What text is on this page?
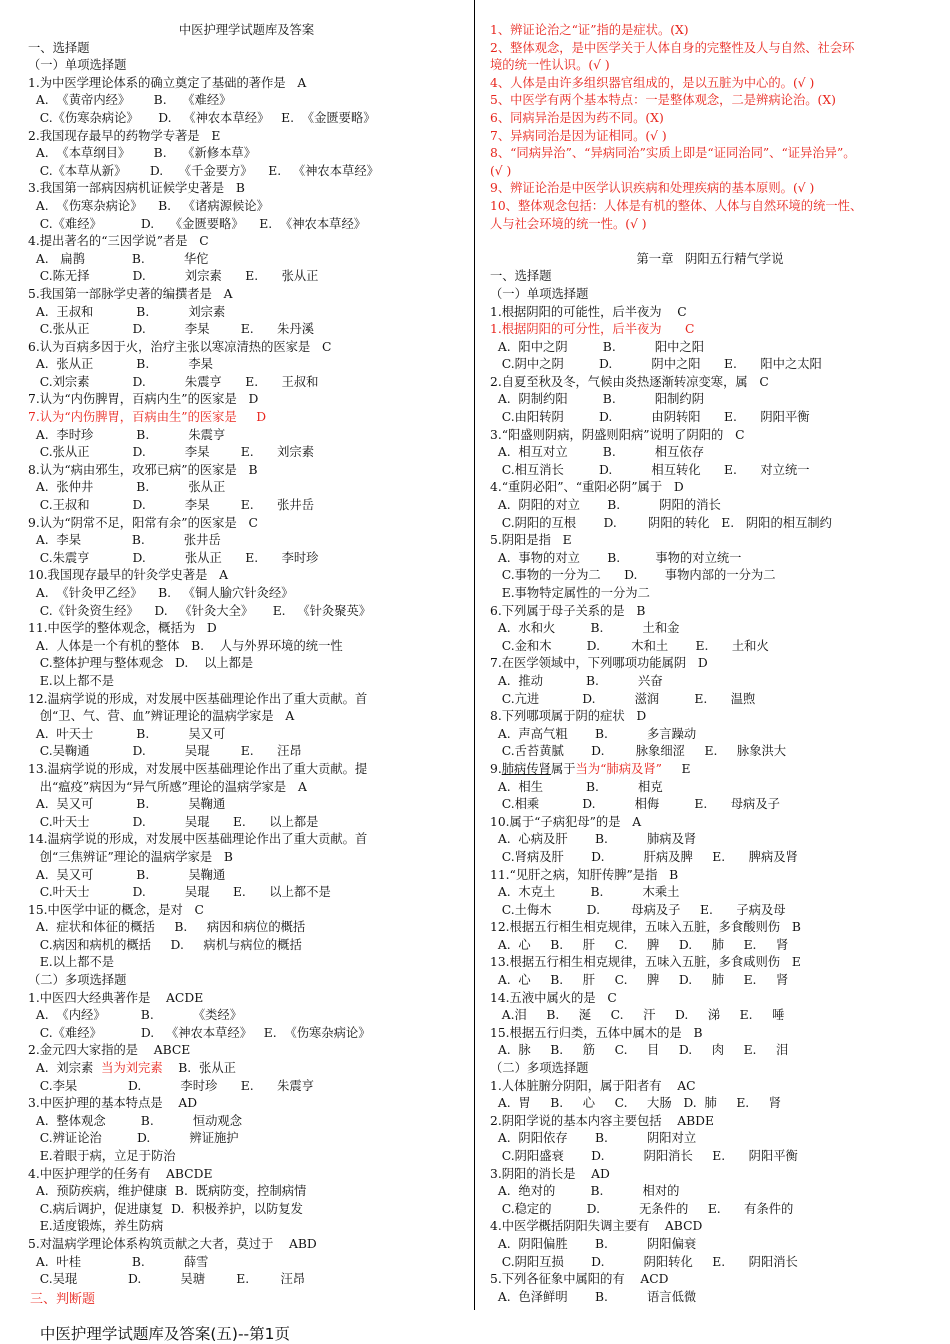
中医护理学试题库及答案
一、选择题
（一）单项选择题
1.为中医学理论体系的确立奠定了基础的著作是   A
A.  《黄帝内经》      B.    《难经》
C.《伤寒杂病论》     D.   《神农本草经》   E.  《金匮要略》
2.我国现存最早的药物学专著是   E
A.  《本草纲目》      B.    《新修本草》
C.《本草从新》      D.    《千金要方》    E.   《神农本草经》
3.我国第一部病因病机证候学史著是   B
A.  《伤寒杂病论》    B.   《诸病源候论》
C.《难经》          D.    《金匮要略》    E.  《神农本草经》
4.提出著名的“三因学说”者是   C
A.   扁鹊            B.          华佗
C.陈无择           D.          刘宗素      E.      张从正
5.我国第一部脉学史著的编撰者是   A
A.  王叔和           B.          刘宗素
C.张从正           D.          李杲        E.      朱丹溪
6.认为百病多因于火，治疗主张以寒凉清热的医家是   C
A.  张从正           B.          李杲
C.刘宗素           D.          朱震亨      E.      王叔和
7.认为“内伤脾胃，百病内生”的医家是   D
7.认为“内伤脾胃，百病由生”的医家是     D
A.  李时珍           B.          朱震亨
C.张从正           D.          李杲        E.      刘宗素
8.认为“病由邪生，攻邪已病”的医家是   B
A.  张仲井           B.          张从正
C.王叔和           D.          李杲        E.      张井岳
9.认为“阴常不足，阳常有余”的医家是   C
A.  李杲             B.          张井岳
C.朱震亨           D.          张从正      E.      李时珍
10.我国现存最早的针灸学史著是   A
A.  《针灸甲乙经》    B.   《铜人腧穴针灸经》
C.《针灸资生经》    D.   《针灸大全》     E.   《针灸聚英》
11.中医学的整体观念，概括为   D
A.  人体是一个有机的整体   B.    人与外界环境的统一性
C.整体护理与整体观念   D.    以上都是
E.以上都不是
12.温病学说的形成，对发展中医基础理论作出了重大贡献。首
创“卫、气、营、血”辨证理论的温病学家是   A
A.  叶天士           B.          吴又可
C.吴鞠通           D.          吴琨        E.      汪昂
13.温病学说的形成，对发展中医基础理论作出了重大贡献。提
出“瘟疫”病因为“异气所感”理论的温病学家是   A
A.  吴又可           B.          吴鞠通
C.叶天士           D.          吴琨      E.      以上都是
14.温病学说的形成，对发展中医基础理论作出了重大贡献。首
创“三焦辨证”理论的温病学家是   B
A.  吴又可           B.          吴鞠通
C.叶天士           D.          吴琨      E.      以上都不是
15.中医学中证的概念，是对   C
A.  症状和体征的概括     B.     病因和病位的概括
C.病因和病机的概括     D.     病机与病位的概括
E.以上都不是
（二）多项选择题
1.中医四大经典著作是    ACDE
A.  《内经》         B.          《类经》
C.《难经》          D.   《神农本草经》   E.  《伤寒杂病论》
2.金元四大家指的是    ABCE
A.  刘宗素  当为刘完素    B.  张从正
C.李杲             D.          李时珍      E.      朱震亨
3.中医护理的基本特点是    AD
A.  整体观念         B.          恒动观念
C.辨证论治         D.          辨证施护
E.着眼于病，立足于防治
4.中医护理学的任务有    ABCDE
A.  预防疾病，维护健康  B.  既病防变，控制病情
C.病后调护，促进康复  D.  积极养护，以防复发
E.适度锻炼，养生防病
5.对温病学理论体系构筑贡献之大者，莫过于    ABD
A.  叶桂             B.          薛雪
C.吴琨             D.          吴瑭        E.        汪昂
1、辨证论治之“证”指的是症状。(X)
2、整体观念，是中医学关于人体自身的完整性及人与自然、社会环
境的统一性认识。(√ )
4、人体是由许多组织器官组成的，是以五脏为中心的。(√ )
5、中医学有两个基本特点：一是整体观念，二是辨病论治。(X)
6、同病异治是因为药不同。(X)
7、异病同治是因为证相同。(√ )
8、“同病异治”、“异病同治”实质上即是“证同治同”、“证异治异”。
(√ )
9、辨证论治是中医学认识疾病和处理疾病的基本原则。(√ )
10、整体观念包括：人体是有机的整体、人体与自然环境的统一性、
人与社会环境的统一性。(√ )
第一章   阴阳五行精气学说
一、选择题
（一）单项选择题
1.根据阴阳的可能性，后半夜为    C
1.根据阴阳的可分性，后半夜为      C
A.  阳中之阴         B.          阳中之阳
C.阴中之阴         D.          阴中之阳      E.      阳中之太阳
2.自夏至秋及冬，气候由炎热逐渐转凉变寒，属   C
A.  阴制约阳         B.          阳制约阴
C.由阳转阴         D.          由阴转阳      E.      阴阳平衡
3.“阳盛则阴病，阴盛则阳病”说明了阴阳的   C
A.  相互对立         B.          相互依存
C.相互消长         D.          相互转化      E.      对立统一
4.“重阴必阳”、“重阳必阴”属于   D
A.  阴阳的对立       B.          阴阳的消长
C.阴阳的互根       D.        阴阳的转化   E.   阴阳的相互制约
5.阴阳是指   E
A.  事物的对立       B.         事物的对立统一
C.事物的一分为二      D.       事物内部的一分为二
E.事物特定属性的一分为二
6.下列属于母子关系的是   B
A.  水和火         B.          土和金
C.金和木         D.        木和土       E.      土和火
7.在医学领域中，下列哪项功能属阴   D
A.  推动           B.          兴奋
C.亢进           D.          滋润         E.      温煦
8.下列哪项属于阴的症状   D
A.  声高气粗       B.          多言躁动
C.舌苔黄腻       D.        脉象细涩     E.     脉象洪大
9.肺病传肾属于当为“肺病及肾”     E
A.  相生           B.          相克
C.相乘           D.          相侮         E.      母病及子
10.属于“子病犯母”的是   A
A.  心病及肝       B.          肺病及肾
C.肾病及肝       D.          肝病及脾     E.      脾病及肾
11.“见肝之病，知肝传脾”是指   B
A.  木克土         B.          木乘土
C.土侮木         D.        母病及子     E.      子病及母
12.根据五行相生相克规律，五味入五脏，多食酸则伤   B
A.  心     B.     肝     C.     脾     D.     肺     E.     肾
13.根据五行相生相克规律，五味入五脏，多食咸则伤   E
A.  心     B.     肝     C.     脾     D.     肺     E.     肾
14.五液中属火的是   C
A.泪     B.     涎     C.     汗     D.     涕     E.     唾
15.根据五行归类，五体中属木的是   B
A.  脉     B.     筋     C.     目     D.     肉     E.     泪
（二）多项选择题
1.人体脏腑分阴阳，属于阳者有    AC
A.  胃     B.     心     C.     大肠   D.  肺     E.     肾
2.阴阳学说的基本内容主要包括    ABDE
A.  阴阳依存       B.          阴阳对立
C.阴阳盛衰       D.          阴阳消长     E.      阴阳平衡
3.阴阳的消长是    AD
A.  绝对的         B.          相对的
C.稳定的         D.          无条件的     E.      有条件的
4.中医学概括阴阳失调主要有    ABCD
A.  阴阳偏胜       B.          阴阳偏衰
C.阴阳互损       D.          阴阳转化     E.      阴阳消长
5.下列各征象中属阳的有    ACD
A.  色泽鲜明       B.          语言低微

三、判断题

中医护理学试题库及答案(五)--第1页
